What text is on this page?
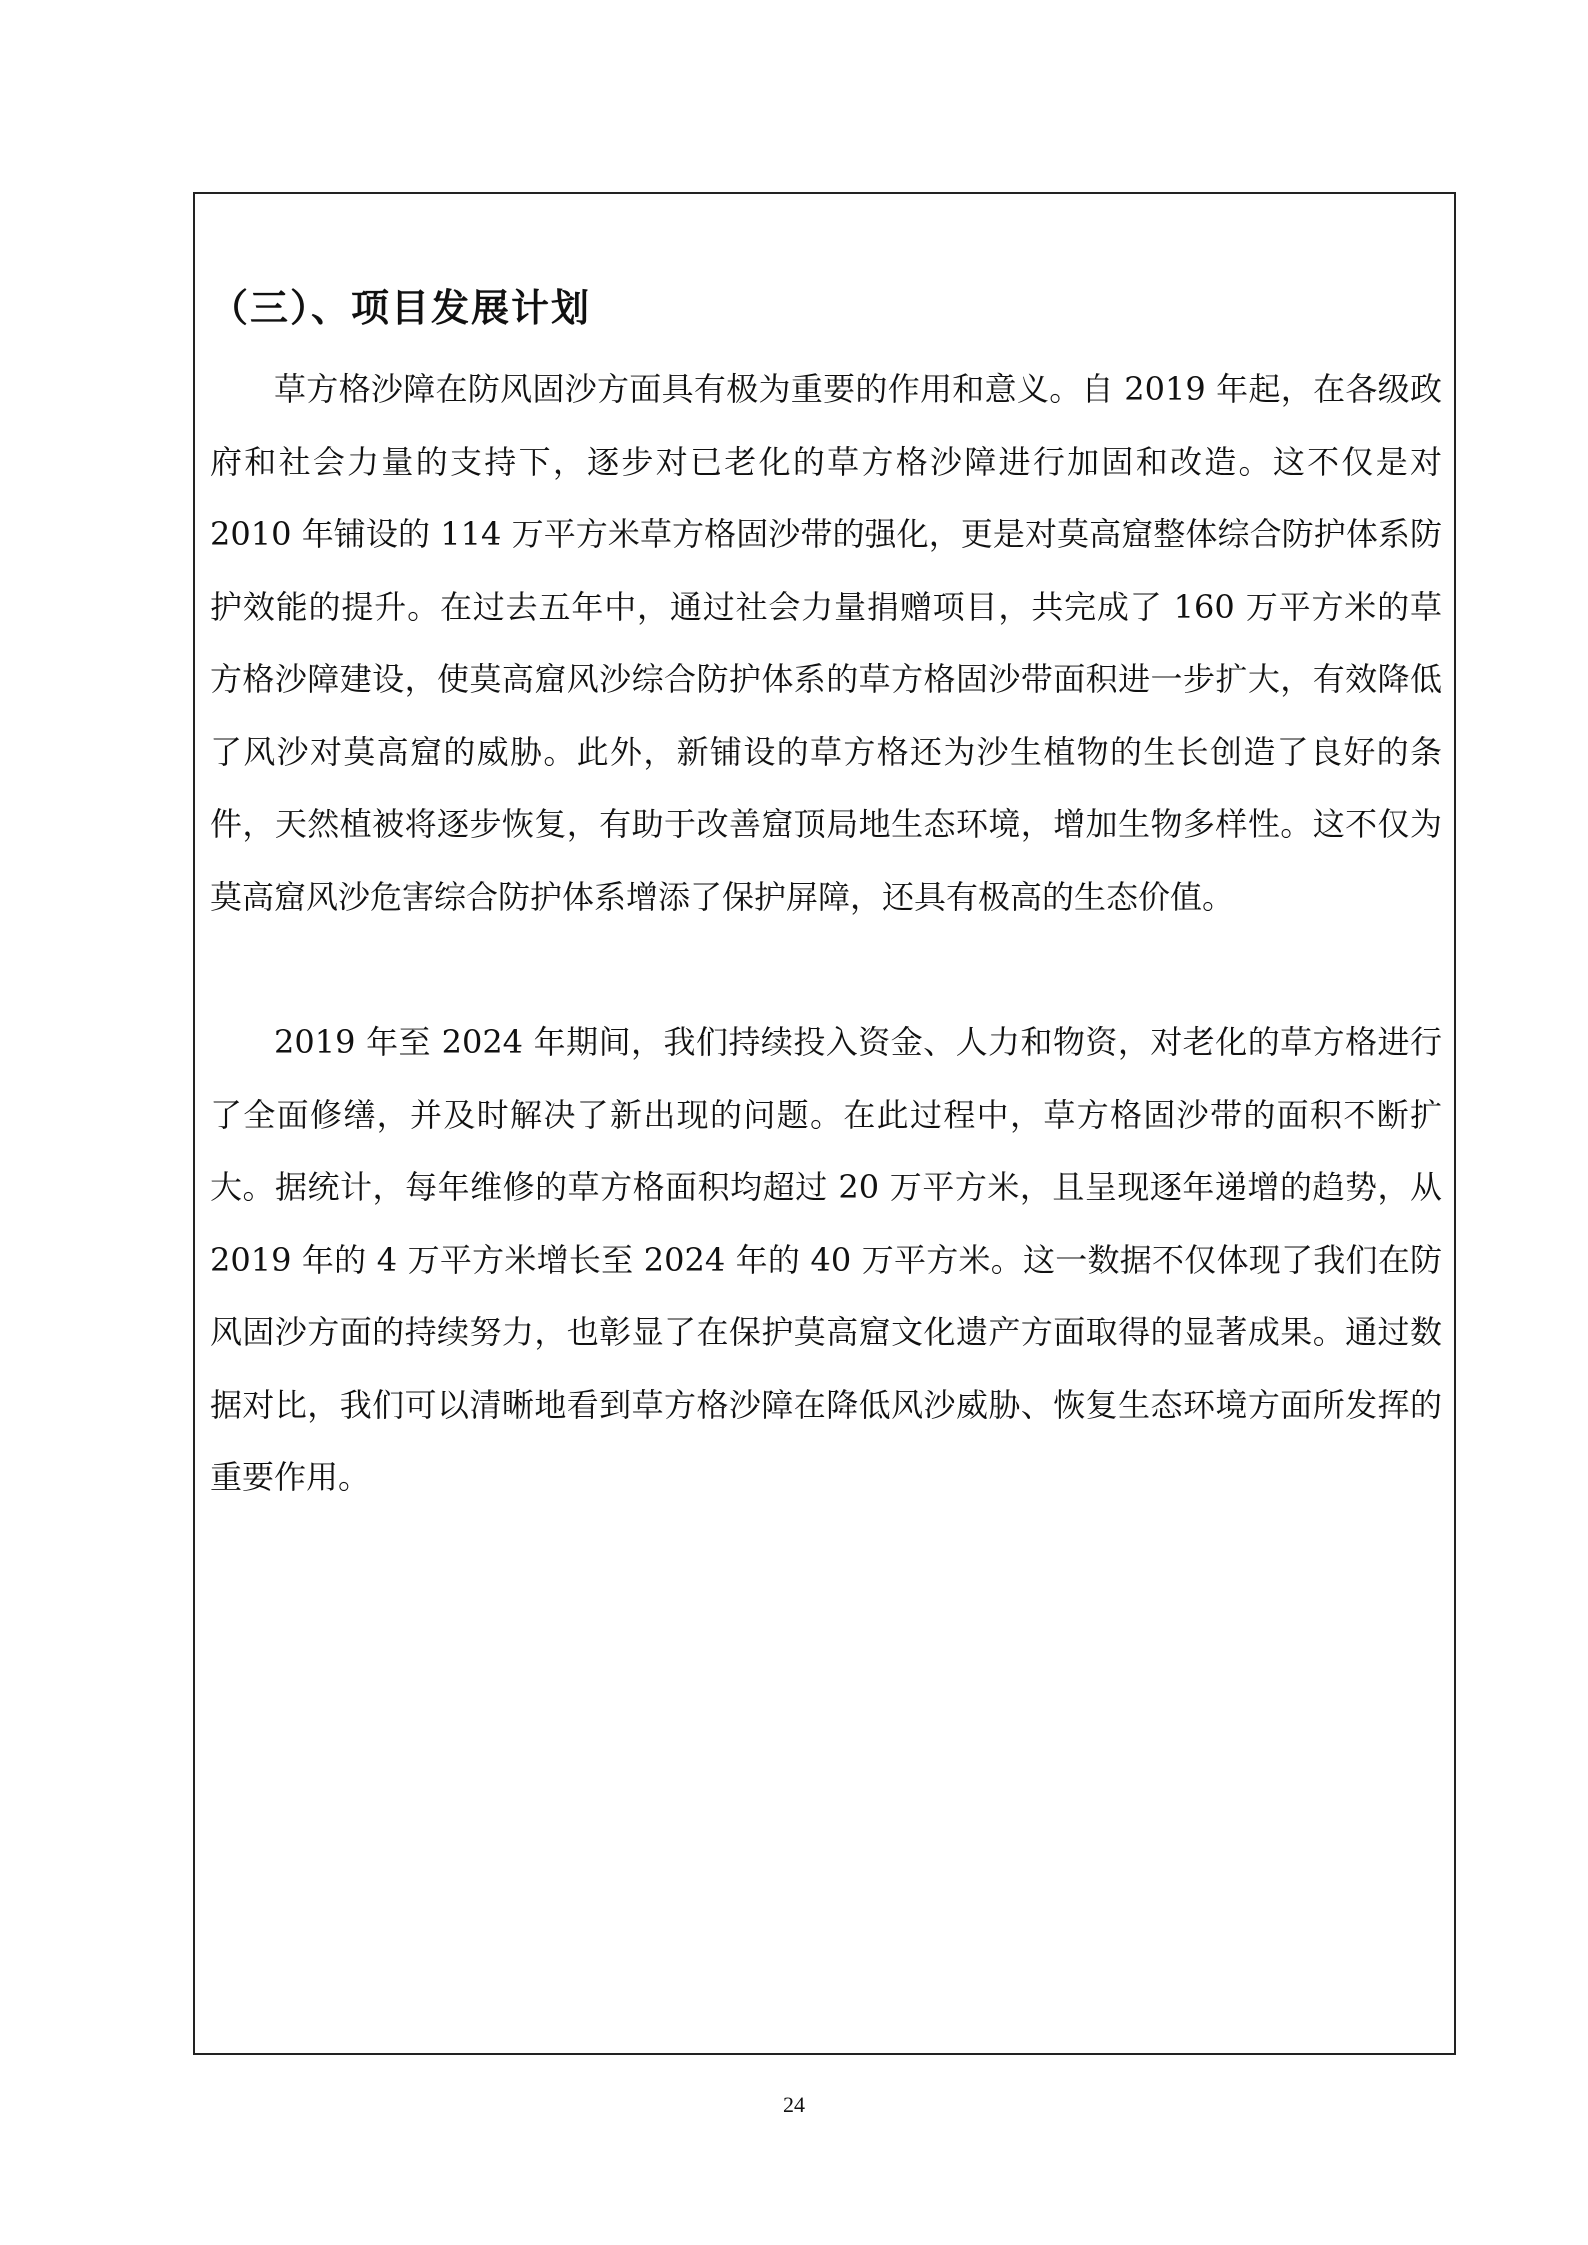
（三）、项目发展计划

草方格沙障在防风固沙方面具有极为重要的作用和意义。自 2019 年起，在各级政府和社会力量的支持下，逐步对已老化的草方格沙障进行加固和改造。这不仅是对 2010 年铺设的 114 万平方米草方格固沙带的强化，更是对莫高窟整体综合防护体系防护效能的提升。在过去五年中，通过社会力量捐赠项目，共完成了 160 万平方米的草方格沙障建设，使莫高窟风沙综合防护体系的草方格固沙带面积进一步扩大，有效降低了风沙对莫高窟的威胁。此外，新铺设的草方格还为沙生植物的生长创造了良好的条件，天然植被将逐步恢复，有助于改善窟顶局地生态环境，增加生物多样性。这不仅为莫高窟风沙危害综合防护体系增添了保护屏障，还具有极高的生态价值。

2019 年至 2024 年期间，我们持续投入资金、人力和物资，对老化的草方格进行了全面修缮，并及时解决了新出现的问题。在此过程中，草方格固沙带的面积不断扩大。据统计，每年维修的草方格面积均超过 20 万平方米，且呈现逐年递增的趋势，从 2019 年的 4 万平方米增长至 2024 年的 40 万平方米。这一数据不仅体现了我们在防风固沙方面的持续努力，也彰显了在保护莫高窟文化遗产方面取得的显著成果。通过数据对比，我们可以清晰地看到草方格沙障在降低风沙威胁、恢复生态环境方面所发挥的重要作用。

24
